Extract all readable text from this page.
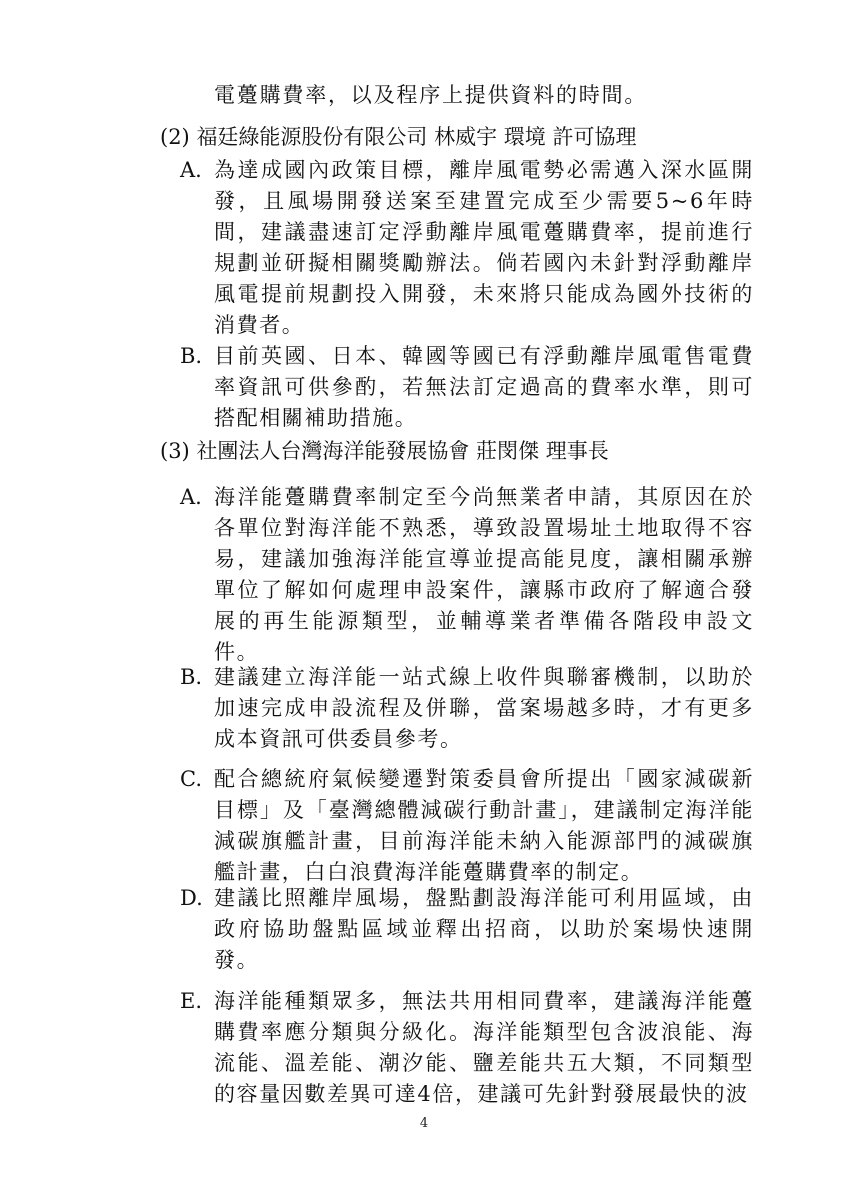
電躉購費率，以及程序上提供資料的時間。
(2) 福廷綠能源股份有限公司 林威宇 環境 許可協理
A. 為達成國內政策目標，離岸風電勢必需邁入深水區開發，且風場開發送案至建置完成至少需要5~6年時間，建議盡速訂定浮動離岸風電躉購費率，提前進行規劃並研擬相關獎勵辦法。倘若國內未針對浮動離岸風電提前規劃投入開發，未來將只能成為國外技術的消費者。
B. 目前英國、日本、韓國等國已有浮動離岸風電售電費率資訊可供參酌，若無法訂定過高的費率水準，則可搭配相關補助措施。
(3) 社團法人台灣海洋能發展協會 莊閔傑 理事長
A. 海洋能躉購費率制定至今尚無業者申請，其原因在於各單位對海洋能不熟悉，導致設置場址土地取得不容易，建議加強海洋能宣導並提高能見度，讓相關承辦單位了解如何處理申設案件，讓縣市政府了解適合發展的再生能源類型，並輔導業者準備各階段申設文件。
B. 建議建立海洋能一站式線上收件與聯審機制，以助於加速完成申設流程及併聯，當案場越多時，才有更多成本資訊可供委員參考。
C. 配合總統府氣候變遷對策委員會所提出「國家減碳新目標」及「臺灣總體減碳行動計畫」，建議制定海洋能減碳旗艦計畫，目前海洋能未納入能源部門的減碳旗艦計畫，白白浪費海洋能躉購費率的制定。
D. 建議比照離岸風場，盤點劃設海洋能可利用區域，由政府協助盤點區域並釋出招商，以助於案場快速開發。
E. 海洋能種類眾多，無法共用相同費率，建議海洋能躉購費率應分類與分級化。海洋能類型包含波浪能、海流能、溫差能、潮汐能、鹽差能共五大類，不同類型的容量因數差異可達4倍，建議可先針對發展最快的波
4
